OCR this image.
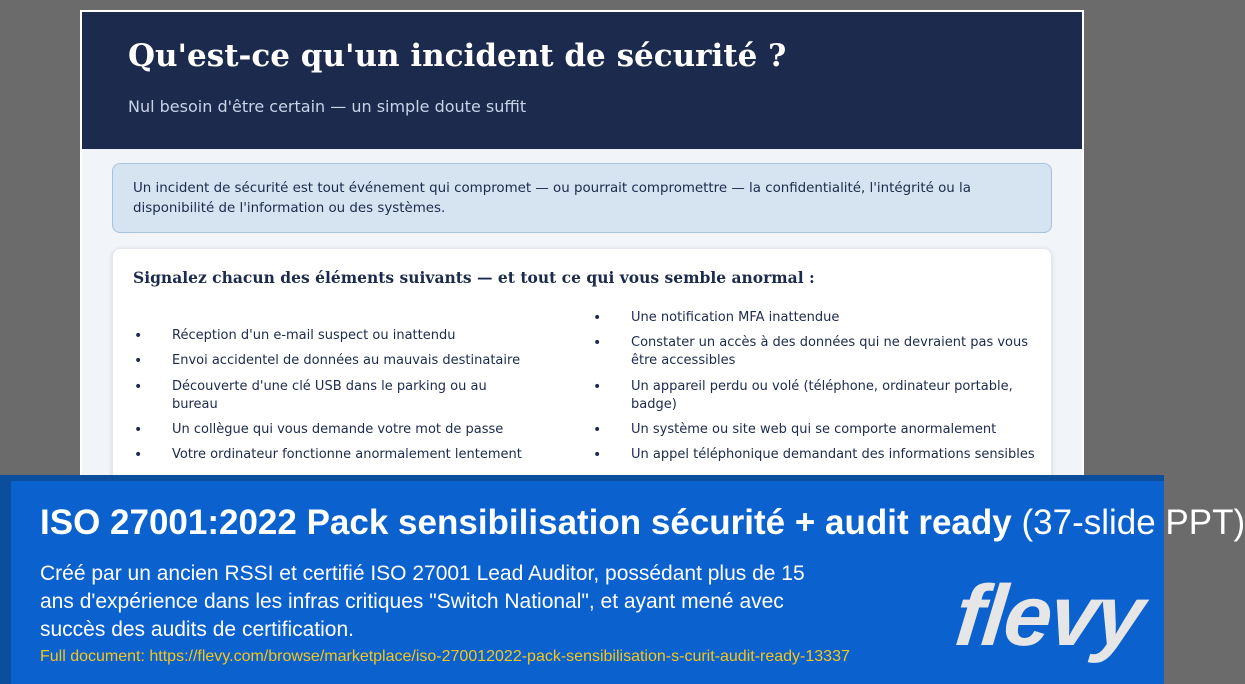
Qu'est-ce qu'un incident de sécurité ?
Nul besoin d'être certain — un simple doute suffit
Un incident de sécurité est tout événement qui compromet — ou pourrait compromettre — la confidentialité, l'intégrité ou la disponibilité de l'information ou des systèmes.
Signalez chacun des éléments suivants — et tout ce qui vous semble anormal :
• Réception d'un e-mail suspect ou inattendu
• Envoi accidentel de données au mauvais destinataire
• Découverte d'une clé USB dans le parking ou au bureau
• Un collègue qui vous demande votre mot de passe
• Votre ordinateur fonctionne anormalement lentement
• Une notification MFA inattendue
• Constater un accès à des données qui ne devraient pas vous être accessibles
• Un appareil perdu ou volé (téléphone, ordinateur portable, badge)
• Un système ou site web qui se comporte anormalement
• Un appel téléphonique demandant des informations sensibles
ISO 27001:2022 Pack sensibilisation sécurité + audit ready (37-slide PPT)
Créé par un ancien RSSI et certifié ISO 27001 Lead Auditor, possédant plus de 15 ans d'expérience dans les infras critiques "Switch National", et ayant mené avec succès des audits de certification.
Full document: https://flevy.com/browse/marketplace/iso-270012022-pack-sensibilisation-s-curit-audit-ready-13337 flevy
